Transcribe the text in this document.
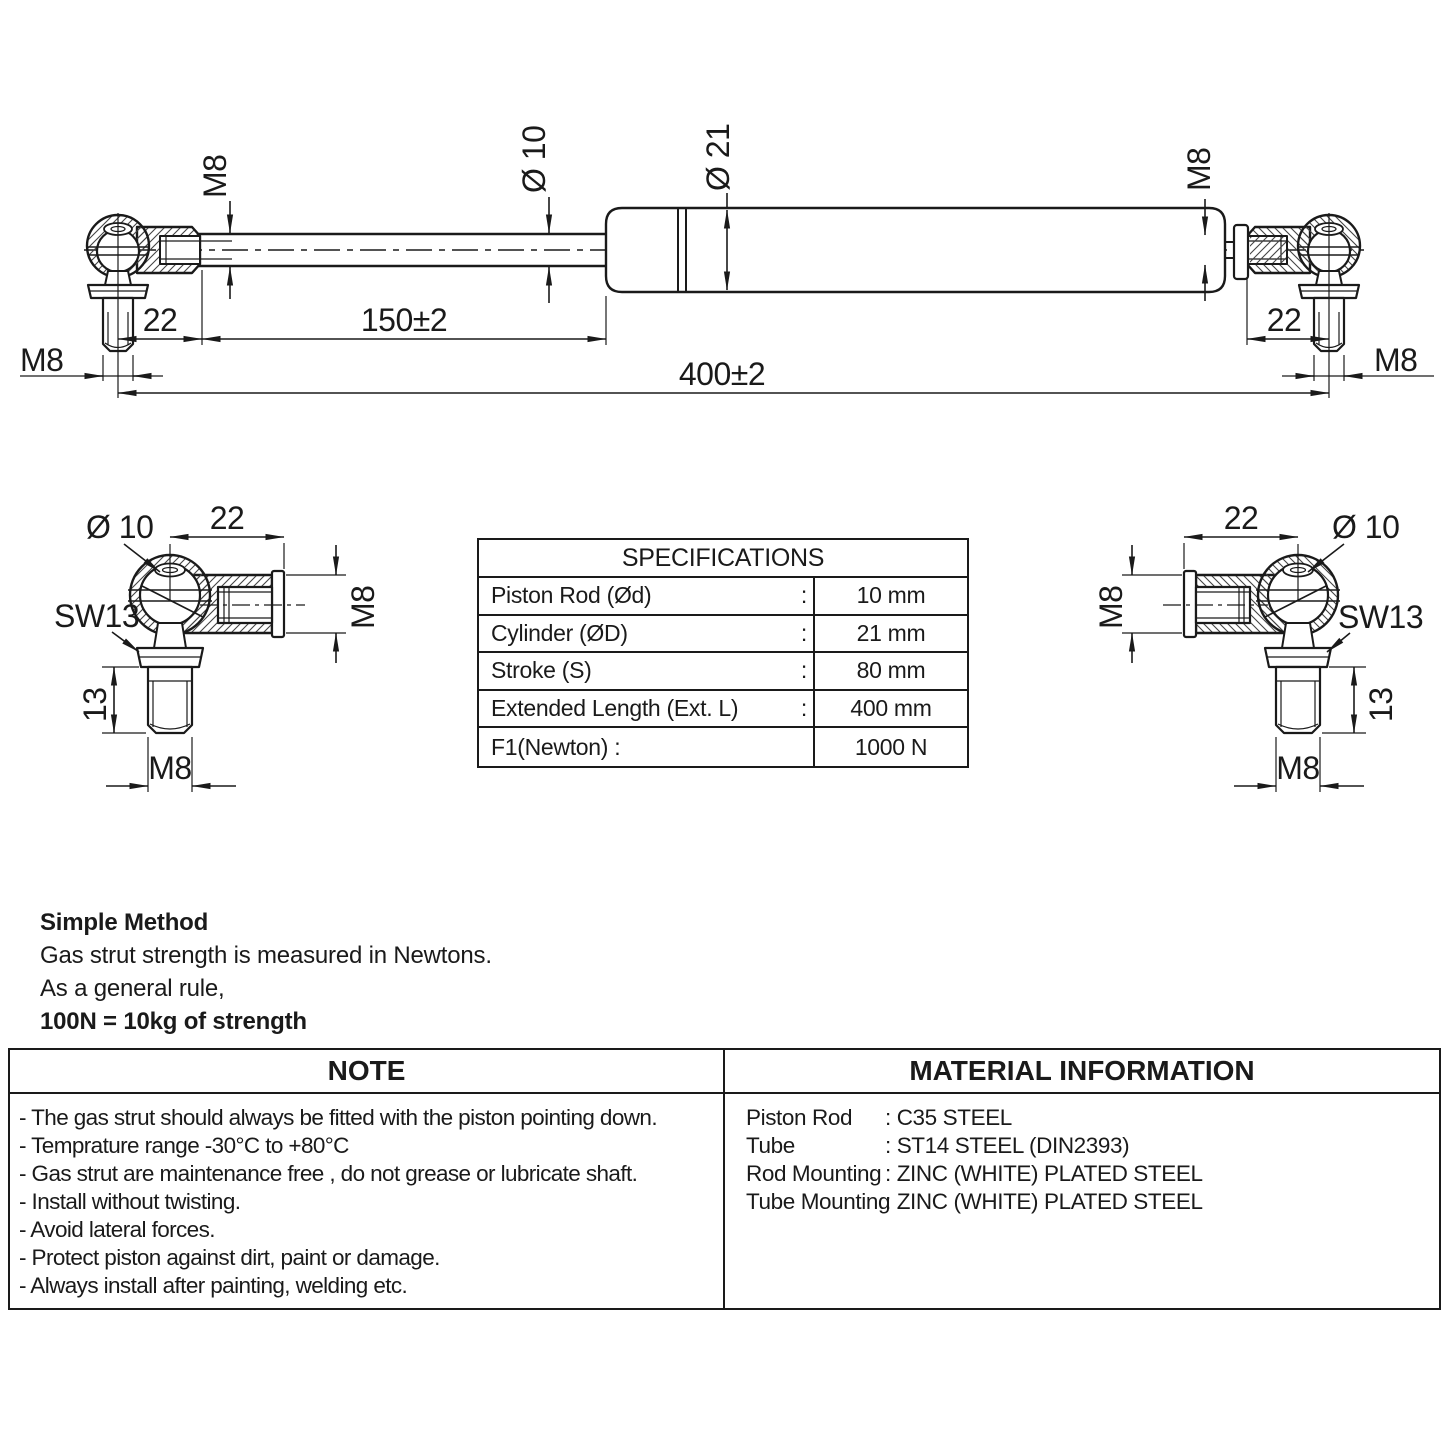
M8	Ø 10	Ø 21	M8
22	150±2	22
400±2
M8	M8
Ø 10 22
M8
SW13
13
M8
22 Ø 10
M8	SW13
13
M8
SPECIFICATIONS
Piston Rod (Ød)	:	10 mm
Cylinder (ØD)	:	21 mm
Stroke (S)	:	80 mm
Extended Length (Ext. L)	:	400 mm
F1(Newton) :	1000 N
Simple Method
Gas strut strength is measured in Newtons.
As a general rule,
100N = 10kg of strength
NOTE	MATERIAL INFORMATION
- The gas strut should always be fitted with the piston pointing down.
- Temprature range -30°C to +80°C
- Gas strut are maintenance free , do not grease or lubricate shaft.
- Install without twisting.
- Avoid lateral forces.
- Protect piston against dirt, paint or damage.
- Always install after painting, welding etc.
Piston Rod	: C35 STEEL
Tube	: ST14 STEEL (DIN2393)
Rod Mounting : ZINC (WHITE) PLATED STEEL
Tube Mounting
: ZINC (WHITE) PLATED STEEL
